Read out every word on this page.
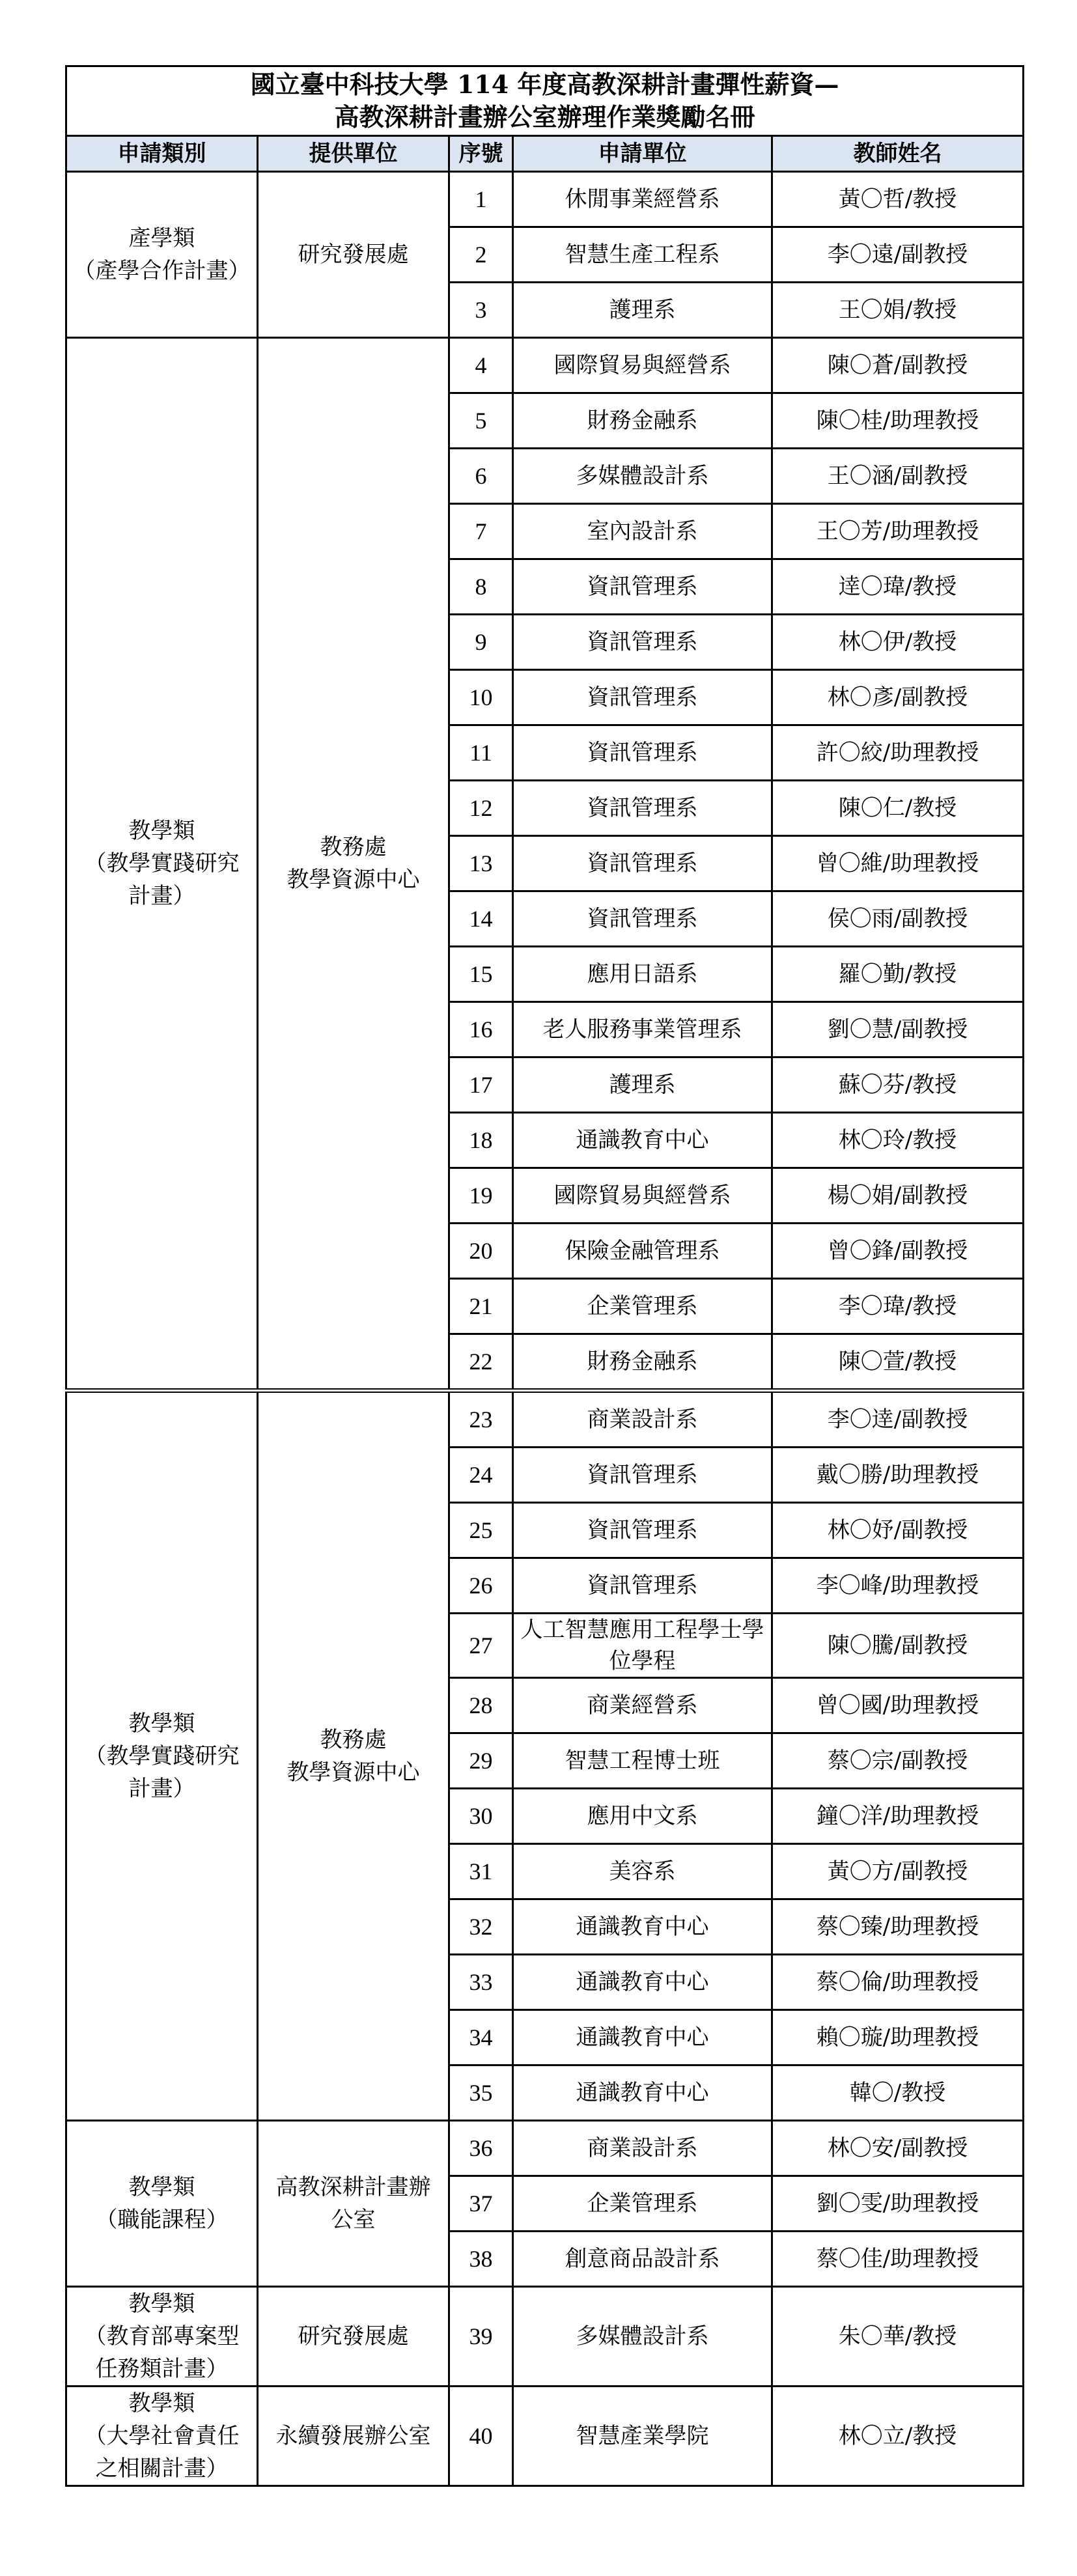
國立臺中科技大學 114 年度高教深耕計畫彈性薪資—
高教深耕計畫辦公室辦理作業獎勵名冊				

申請類別	提供單位	序號	申請單位	教師姓名

產學類
（產學合作計畫）	研究發展處	1	休閒事業經營系	黃〇哲/教授
		2	智慧生產工程系	李〇遠/副教授
		3	護理系	王〇娟/教授

教學類
（教學實踐研究
計畫）	教務處
教學資源中心	4	國際貿易與經營系	陳〇蒼/副教授
		5	財務金融系	陳〇桂/助理教授
		6	多媒體設計系	王〇涵/副教授
		7	室內設計系	王〇芳/助理教授
		8	資訊管理系	逹〇瑋/教授
		9	資訊管理系	林〇伊/教授
		10	資訊管理系	林〇彥/副教授
		11	資訊管理系	許〇絞/助理教授
		12	資訊管理系	陳〇仁/教授
		13	資訊管理系	曾〇維/助理教授
		14	資訊管理系	侯〇雨/副教授
		15	應用日語系	羅〇勤/教授
		16	老人服務事業管理系	劉〇慧/副教授
		17	護理系	蘇〇芬/教授
		18	通識教育中心	林〇玲/教授
		19	國際貿易與經營系	楊〇娟/副教授
		20	保險金融管理系	曾〇鋒/副教授
		21	企業管理系	李〇瑋/教授
		22	財務金融系	陳〇萱/教授

教學類
（教學實踐研究
計畫）	教務處
教學資源中心	23	商業設計系	李〇逹/副教授
		24	資訊管理系	戴〇勝/助理教授
		25	資訊管理系	林〇妤/副教授
		26	資訊管理系	李〇峰/助理教授
		27	人工智慧應用工程學士學位學程	陳〇騰/副教授
		28	商業經營系	曾〇國/助理教授
		29	智慧工程博士班	蔡〇宗/副教授
		30	應用中文系	鐘〇洋/助理教授
		31	美容系	黃〇方/副教授
		32	通識教育中心	蔡〇臻/助理教授
		33	通識教育中心	蔡〇倫/助理教授
		34	通識教育中心	賴〇璇/助理教授
		35	通識教育中心	韓〇/教授

教學類
（職能課程）	高教深耕計畫辦
公室	36	商業設計系	林〇安/副教授
		37	企業管理系	劉〇雯/助理教授
		38	創意商品設計系	蔡〇佳/助理教授

教學類
（教育部專案型
任務類計畫）	研究發展處	39	多媒體設計系	朱〇華/教授

教學類
（大學社會責任
之相關計畫）	永續發展辦公室	40	智慧產業學院	林〇立/教授
